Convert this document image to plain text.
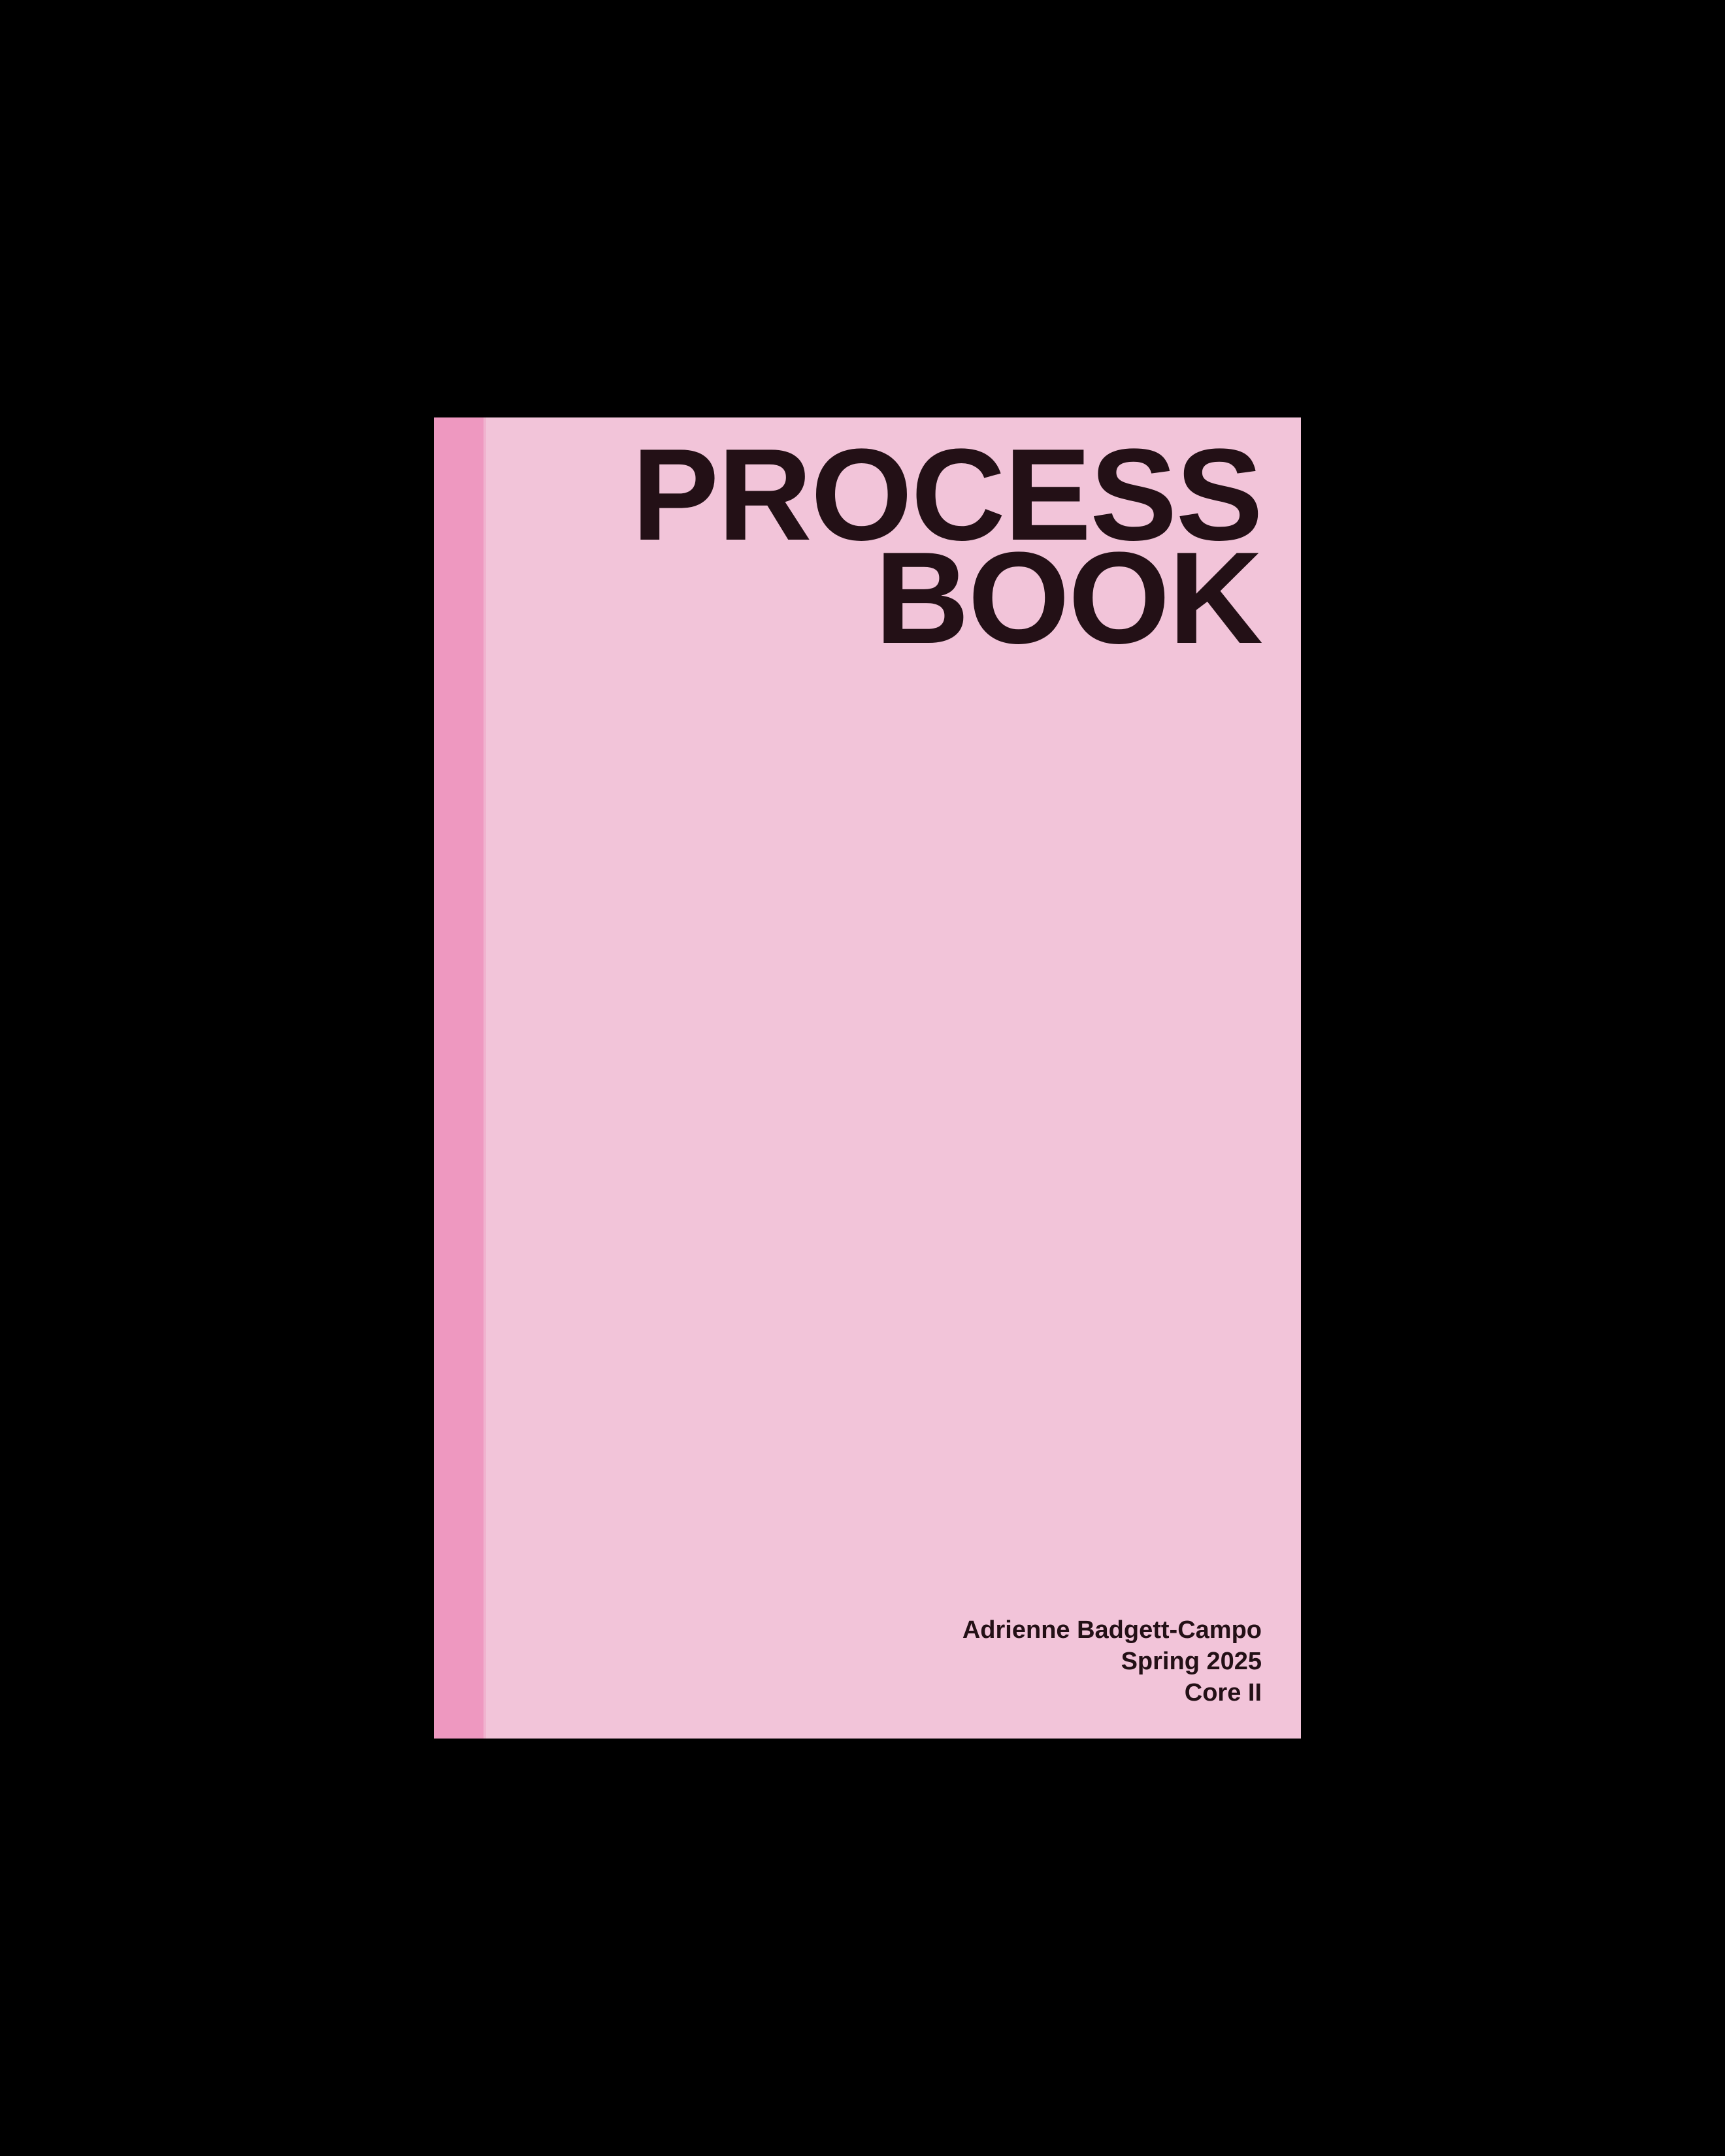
PROCESS
BOOK
Adrienne Badgett-Campo
Spring 2025
Core II
